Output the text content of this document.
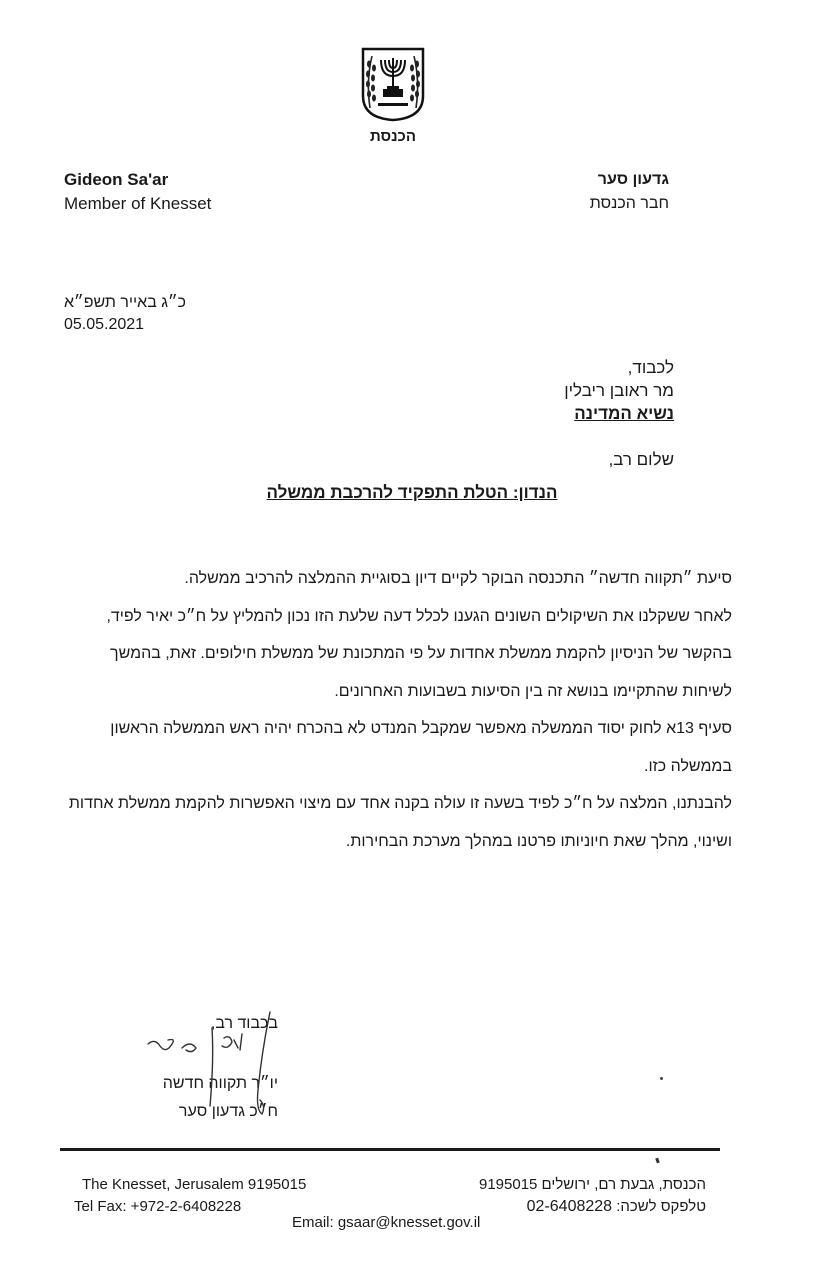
הכנסת
Gideon Sa'ar
Member of Knesset
גדעון סער
חבר הכנסת
כ״ג באייר תשפ״א
05.05.2021
לכבוד,
מר ראובן ריבלין
נשיא המדינה
שלום רב,
הנדון: הטלת התפקיד להרכבת ממשלה

סיעת ״תקווה חדשה״ התכנסה הבוקר לקיים דיון בסוגיית ההמלצה להרכיב ממשלה.

לאחר ששקלנו את השיקולים השונים הגענו לכלל דעה שלעת הזו נכון להמליץ על ח״כ יאיר לפיד, בהקשר של הניסיון להקמת ממשלת אחדות על פי המתכונת של ממשלת חילופים. זאת, בהמשך לשיחות שהתקיימו בנושא זה בין הסיעות בשבועות האחרונים.

סעיף 13א לחוק יסוד הממשלה מאפשר שמקבל המנדט לא בהכרח יהיה ראש הממשלה הראשון בממשלה כזו.

להבנתנו, המלצה על ח״כ לפיד בשעה זו עולה בקנה אחד עם מיצוי האפשרות להקמת ממשלת אחדות ושינוי, מהלך שאת חיוניותו פרטנו במהלך מערכת הבחירות.

בכבוד רב,
יו״ר תקווה חדשה
ח״כ גדעון סער
The Knesset, Jerusalem 9195015
Tel Fax: +972-2-6408228
הכנסת, גבעת רם, ירושלים 9195015
טלפקס לשכה: 02-6408228
Email: gsaar@knesset.gov.il
